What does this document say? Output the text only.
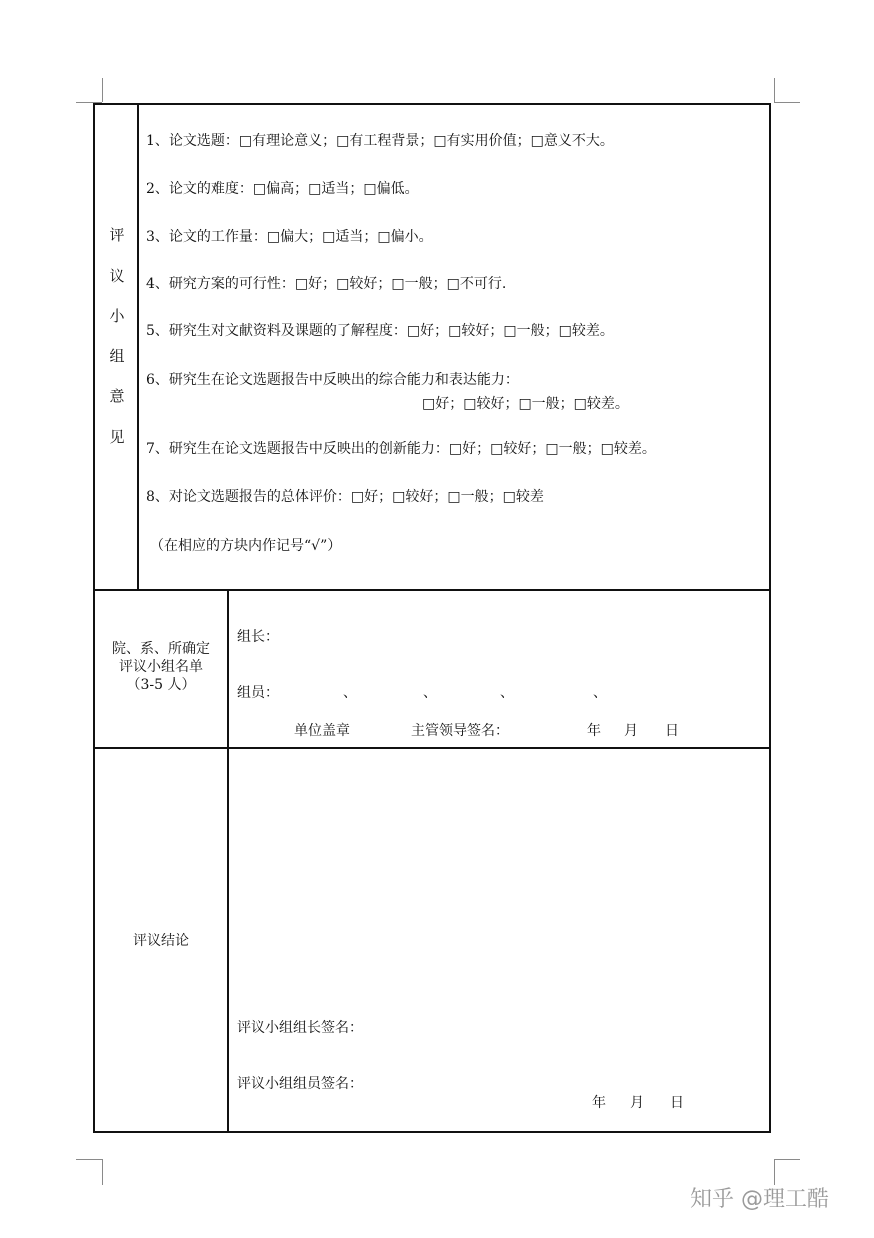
评
议
小
组
意
见
1、论文选题：□有理论意义；□有工程背景；□有实用价值；□意义不大。
2、论文的难度：□偏高；□适当；□偏低。
3、论文的工作量：□偏大；□适当；□偏小。
4、研究方案的可行性：□好；□较好；□一般；□不可行.
5、研究生对文献资料及课题的了解程度：□好；□较好；□一般；□较差。
6、研究生在论文选题报告中反映出的综合能力和表达能力：
□好；□较好；□一般；□较差。
7、研究生在论文选题报告中反映出的创新能力：□好；□较好；□一般；□较差。
8、对论文选题报告的总体评价：□好；□较好；□一般；□较差
（在相应的方块内作记号“√”）
院、系、所确定
评议小组名单
（3-5 人）
组长：
组员：	、	、	、	、
单位盖章	主管领导签名：	年 月 日
评议结论
评议小组组长签名：
评议小组组员签名：
年 月 日
知乎 @理工酷
